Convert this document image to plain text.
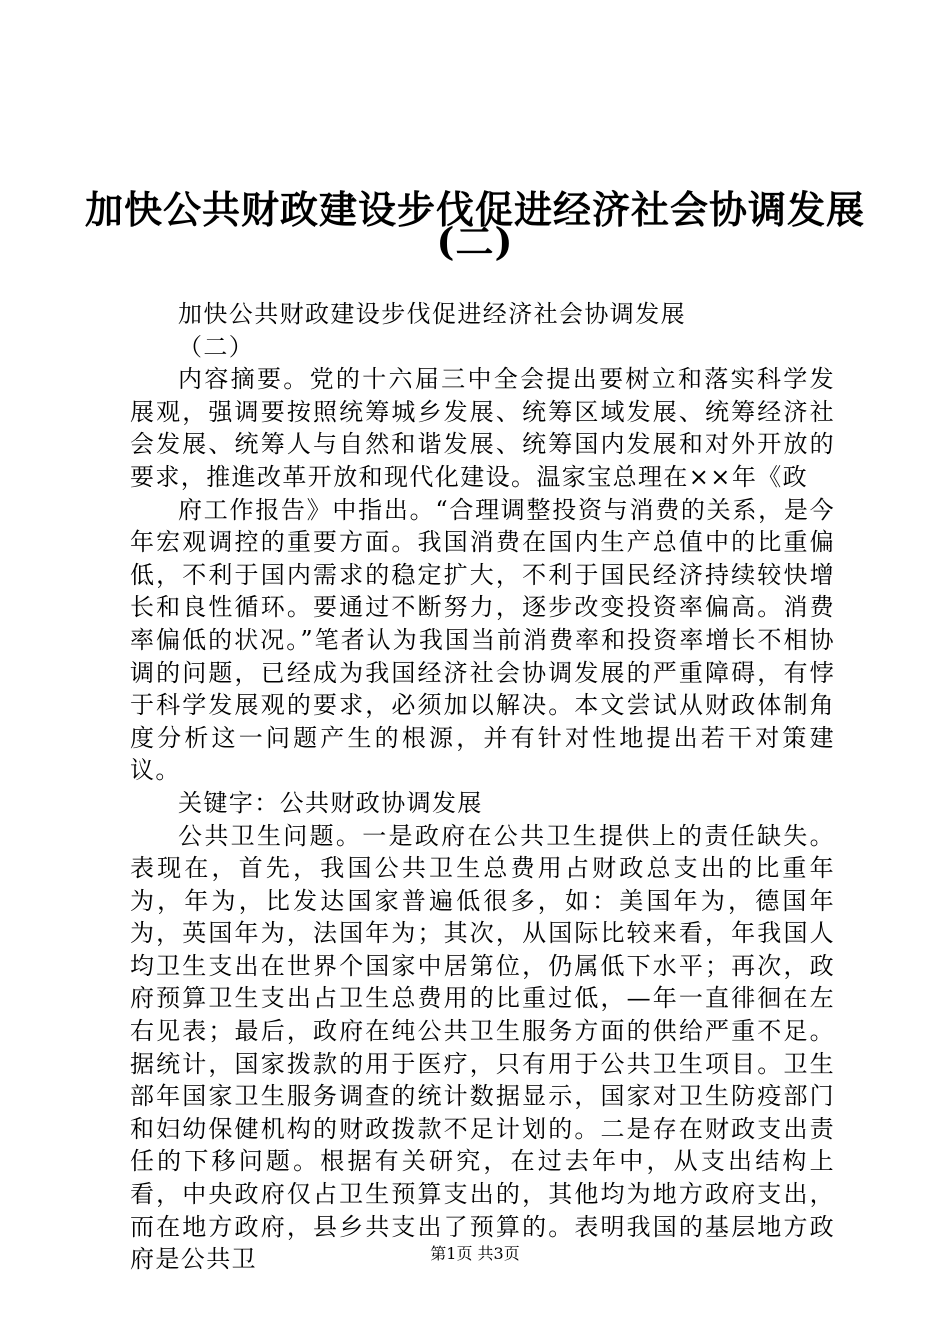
加快公共财政建设步伐促进经济社会协调发展
(二)

加快公共财政建设步伐促进经济社会协调发展

（二）

内容摘要。党的十六届三中全会提出要树立和落实科学发展观，强调要按照统筹城乡发展、统筹区域发展、统筹经济社会发展、统筹人与自然和谐发展、统筹国内发展和对外开放的要求，推進改革开放和现代化建设。温家宝总理在××年《政

府工作报告》中指出。“合理调整投资与消费的关系，是今年宏观调控的重要方面。我国消费在国内生产总值中的比重偏低，不利于国内需求的稳定扩大，不利于国民经济持续较快增长和良性循环。要通过不断努力，逐步改变投资率偏高。消费率偏低的状况。”笔者认为我国当前消费率和投资率增长不相协调的问题，已经成为我国经济社会协调发展的严重障碍，有悖于科学发展观的要求，必须加以解决。本文尝试从财政体制角度分析这一问题产生的根源，并有针对性地提出若干对策建议。

关键字：公共财政协调发展

公共卫生问题。一是政府在公共卫生提供上的责任缺失。表现在，首先，我国公共卫生总费用占财政总支出的比重年为，年为，比发达国家普遍低很多，如：美国年为，德国年为，英国年为，法国年为；其次，从国际比较来看，年我国人均卫生支出在世界个国家中居第位，仍属低下水平；再次，政府预算卫生支出占卫生总费用的比重过低，—年一直徘徊在左右见表；最后，政府在纯公共卫生服务方面的供给严重不足。据统计，国家拨款的用于医疗，只有用于公共卫生项目。卫生部年国家卫生服务调查的统计数据显示，国家对卫生防疫部门和妇幼保健机构的财政拨款不足计划的。二是存在财政支出责任的下移问题。根据有关研究，在过去年中，从支出结构上看，中央政府仅占卫生预算支出的，其他均为地方政府支出，而在地方政府，县乡共支出了预算的。表明我国的基层地方政府是公共卫	第1页 共3页
